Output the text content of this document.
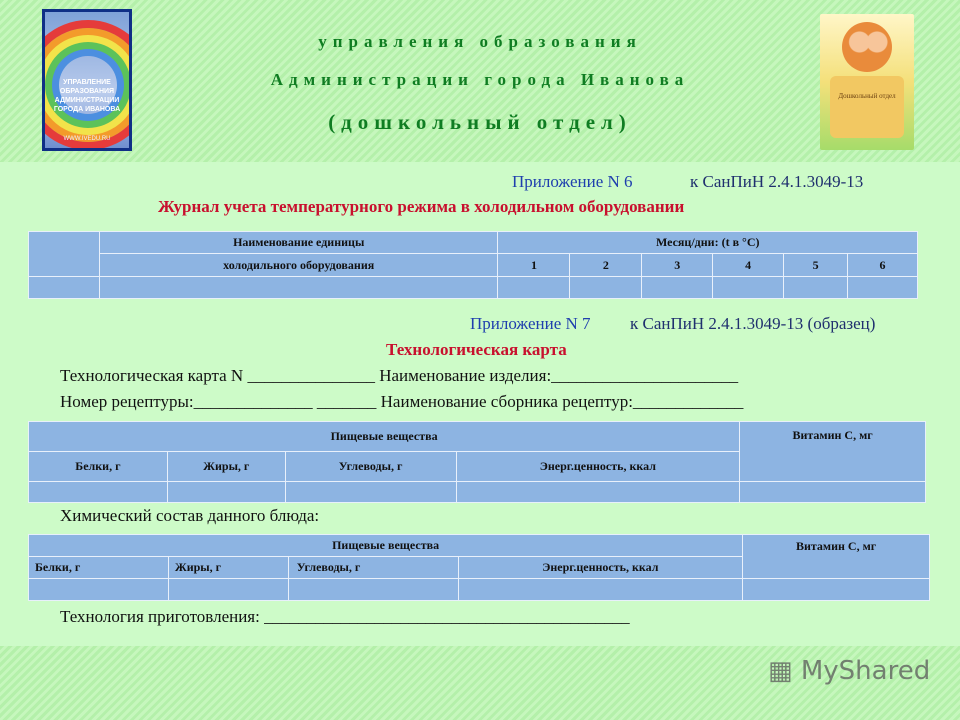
УПРАВЛЕНИЕ ОБРАЗОВАНИЯ АДМИНИСТРАЦИИ ГОРОДА ИВАНОВА
WWW.IVEDU.RU
Дошкольный отдел
управления образования
Администрации города Иванова
(дошкольный отдел)
Приложение N 6	к СанПиН 2.4.1.3049-13
Журнал учета температурного режима в холодильном оборудовании
	Наименование единицы	Месяц/дни: (t в °C)					
	холодильного оборудования	1	2	3	4	5	6

Приложение N 7 к СанПиН 2.4.1.3049-13 (образец)
Технологическая карта
Технологическая карта N _______________ Наименование изделия:______________________
Номер рецептуры:______________ _______ Наименование сборника рецептур:_____________
Пищевые вещества				Витамин С, мг
Белки, г	Жиры, г	Углеводы, г	Энерг.ценность, ккал	

Химический состав данного блюда:
Пищевые вещества				Витамин С, мг
Белки, г	Жиры, г	Углеводы, г	Энерг.ценность, ккал	

Технология приготовления: ___________________________________________
▦ MyShared
